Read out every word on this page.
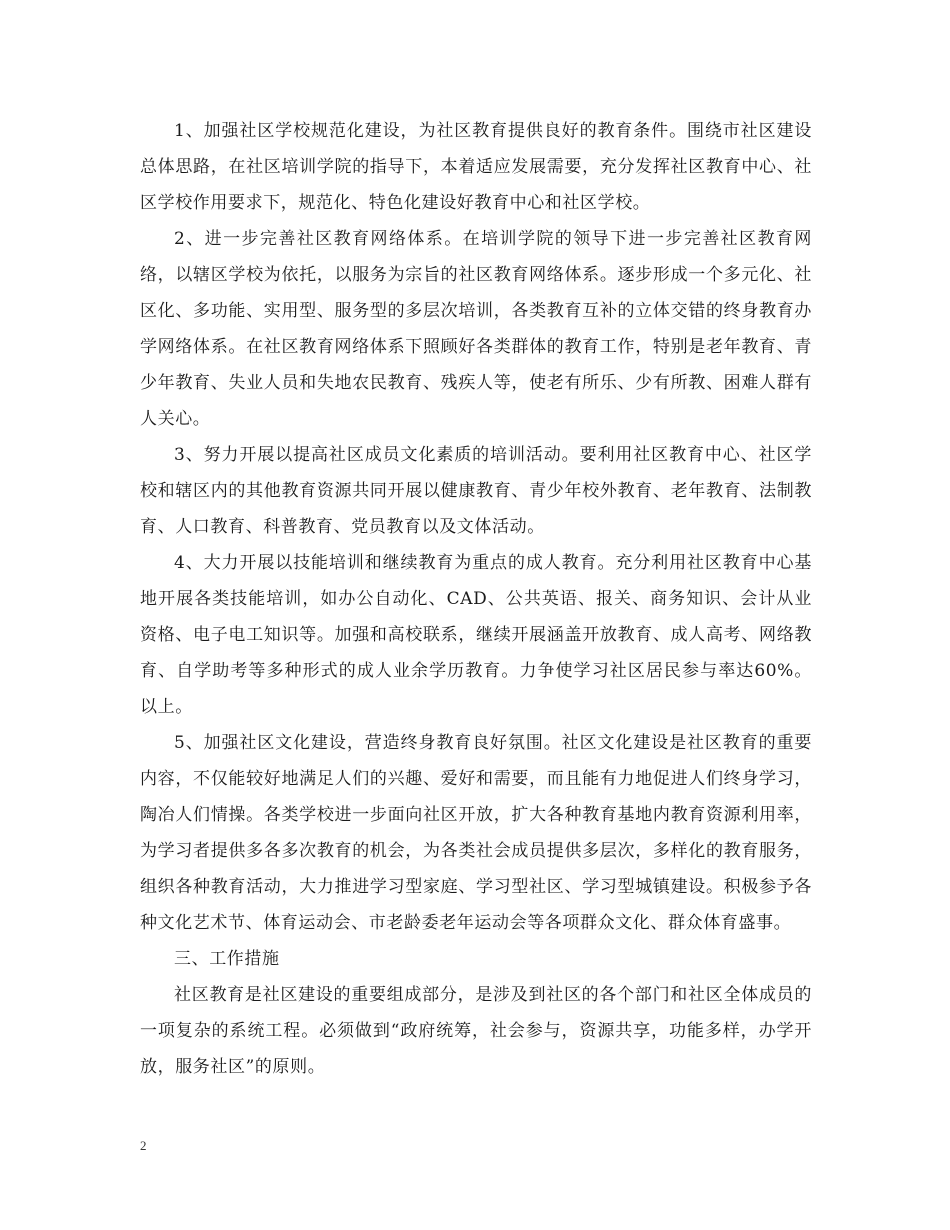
1、加强社区学校规范化建设，为社区教育提供良好的教育条件。围绕市社区建设总体思路，在社区培训学院的指导下，本着适应发展需要，充分发挥社区教育中心、社区学校作用要求下，规范化、特色化建设好教育中心和社区学校。

2、进一步完善社区教育网络体系。在培训学院的领导下进一步完善社区教育网络，以辖区学校为依托，以服务为宗旨的社区教育网络体系。逐步形成一个多元化、社区化、多功能、实用型、服务型的多层次培训，各类教育互补的立体交错的终身教育办学网络体系。在社区教育网络体系下照顾好各类群体的教育工作，特别是老年教育、青少年教育、失业人员和失地农民教育、残疾人等，使老有所乐、少有所教、困难人群有人关心。

3、努力开展以提高社区成员文化素质的培训活动。要利用社区教育中心、社区学校和辖区内的其他教育资源共同开展以健康教育、青少年校外教育、老年教育、法制教育、人口教育、科普教育、党员教育以及文体活动。

4、大力开展以技能培训和继续教育为重点的成人教育。充分利用社区教育中心基地开展各类技能培训，如办公自动化、CAD、公共英语、报关、商务知识、会计从业资格、电子电工知识等。加强和高校联系，继续开展涵盖开放教育、成人高考、网络教育、自学助考等多种形式的成人业余学历教育。力争使学习社区居民参与率达60%。以上。

5、加强社区文化建设，营造终身教育良好氛围。社区文化建设是社区教育的重要内容，不仅能较好地满足人们的兴趣、爱好和需要，而且能有力地促进人们终身学习，陶冶人们情操。各类学校进一步面向社区开放，扩大各种教育基地内教育资源利用率，为学习者提供多各多次教育的机会，为各类社会成员提供多层次，多样化的教育服务，组织各种教育活动，大力推进学习型家庭、学习型社区、学习型城镇建设。积极参予各种文化艺术节、体育运动会、市老龄委老年运动会等各项群众文化、群众体育盛事。

三、工作措施

社区教育是社区建设的重要组成部分，是涉及到社区的各个部门和社区全体成员的一项复杂的系统工程。必须做到“政府统筹，社会参与，资源共享，功能多样，办学开放，服务社区”的原则。

2
